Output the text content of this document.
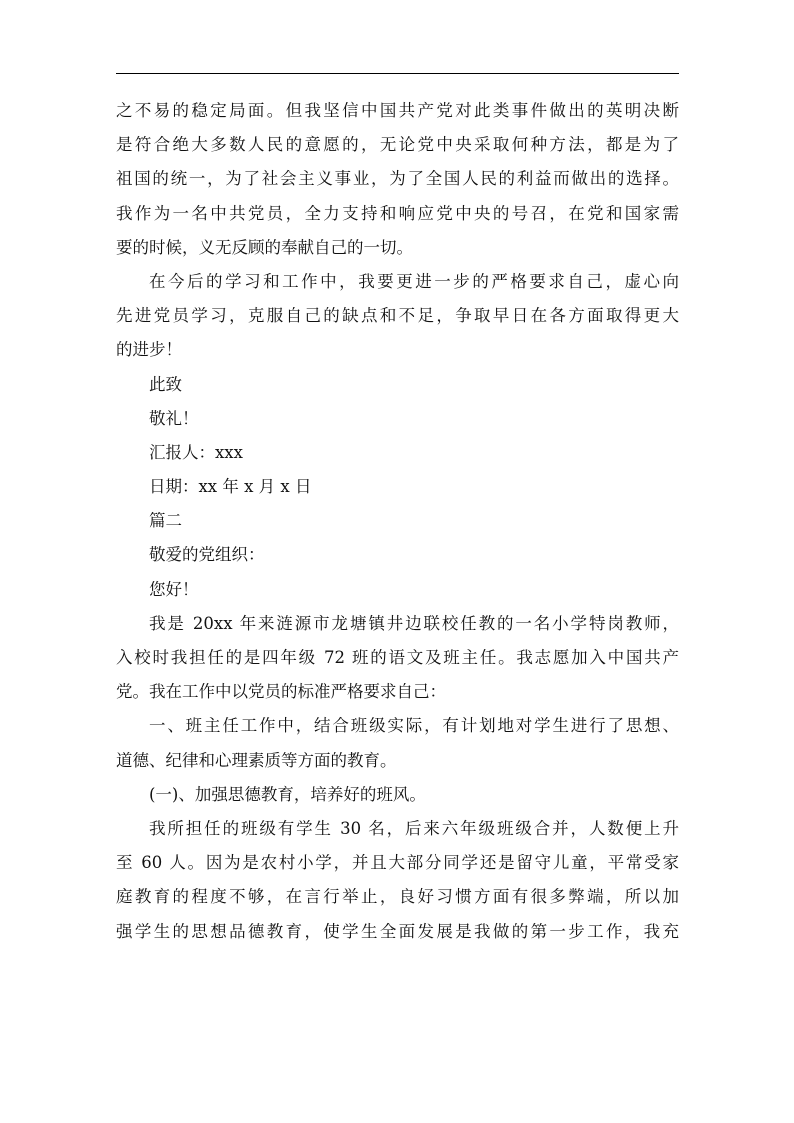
之不易的稳定局面。但我坚信中国共产党对此类事件做出的英明决断
是符合绝大多数人民的意愿的，无论党中央采取何种方法，都是为了
祖国的统一，为了社会主义事业，为了全国人民的利益而做出的选择。
我作为一名中共党员，全力支持和响应党中央的号召，在党和国家需
要的时候，义无反顾的奉献自己的一切。
在今后的学习和工作中，我要更进一步的严格要求自己，虚心向
先进党员学习，克服自己的缺点和不足，争取早日在各方面取得更大
的进步！
此致
敬礼！
汇报人：xxx
日期：xx 年 x 月 x 日
篇二
敬爱的党组织：
您好！
我是 20xx 年来涟源市龙塘镇井边联校任教的一名小学特岗教师，
入校时我担任的是四年级 72 班的语文及班主任。我志愿加入中国共产
党。我在工作中以党员的标准严格要求自己：
一、班主任工作中，结合班级实际，有计划地对学生进行了思想、
道德、纪律和心理素质等方面的教育。
(一)、加强思德教育，培养好的班风。
我所担任的班级有学生 30 名，后来六年级班级合并，人数便上升
至 60 人。因为是农村小学，并且大部分同学还是留守儿童，平常受家
庭教育的程度不够，在言行举止，良好习惯方面有很多弊端，所以加
强学生的思想品德教育，使学生全面发展是我做的第一步工作，我充
